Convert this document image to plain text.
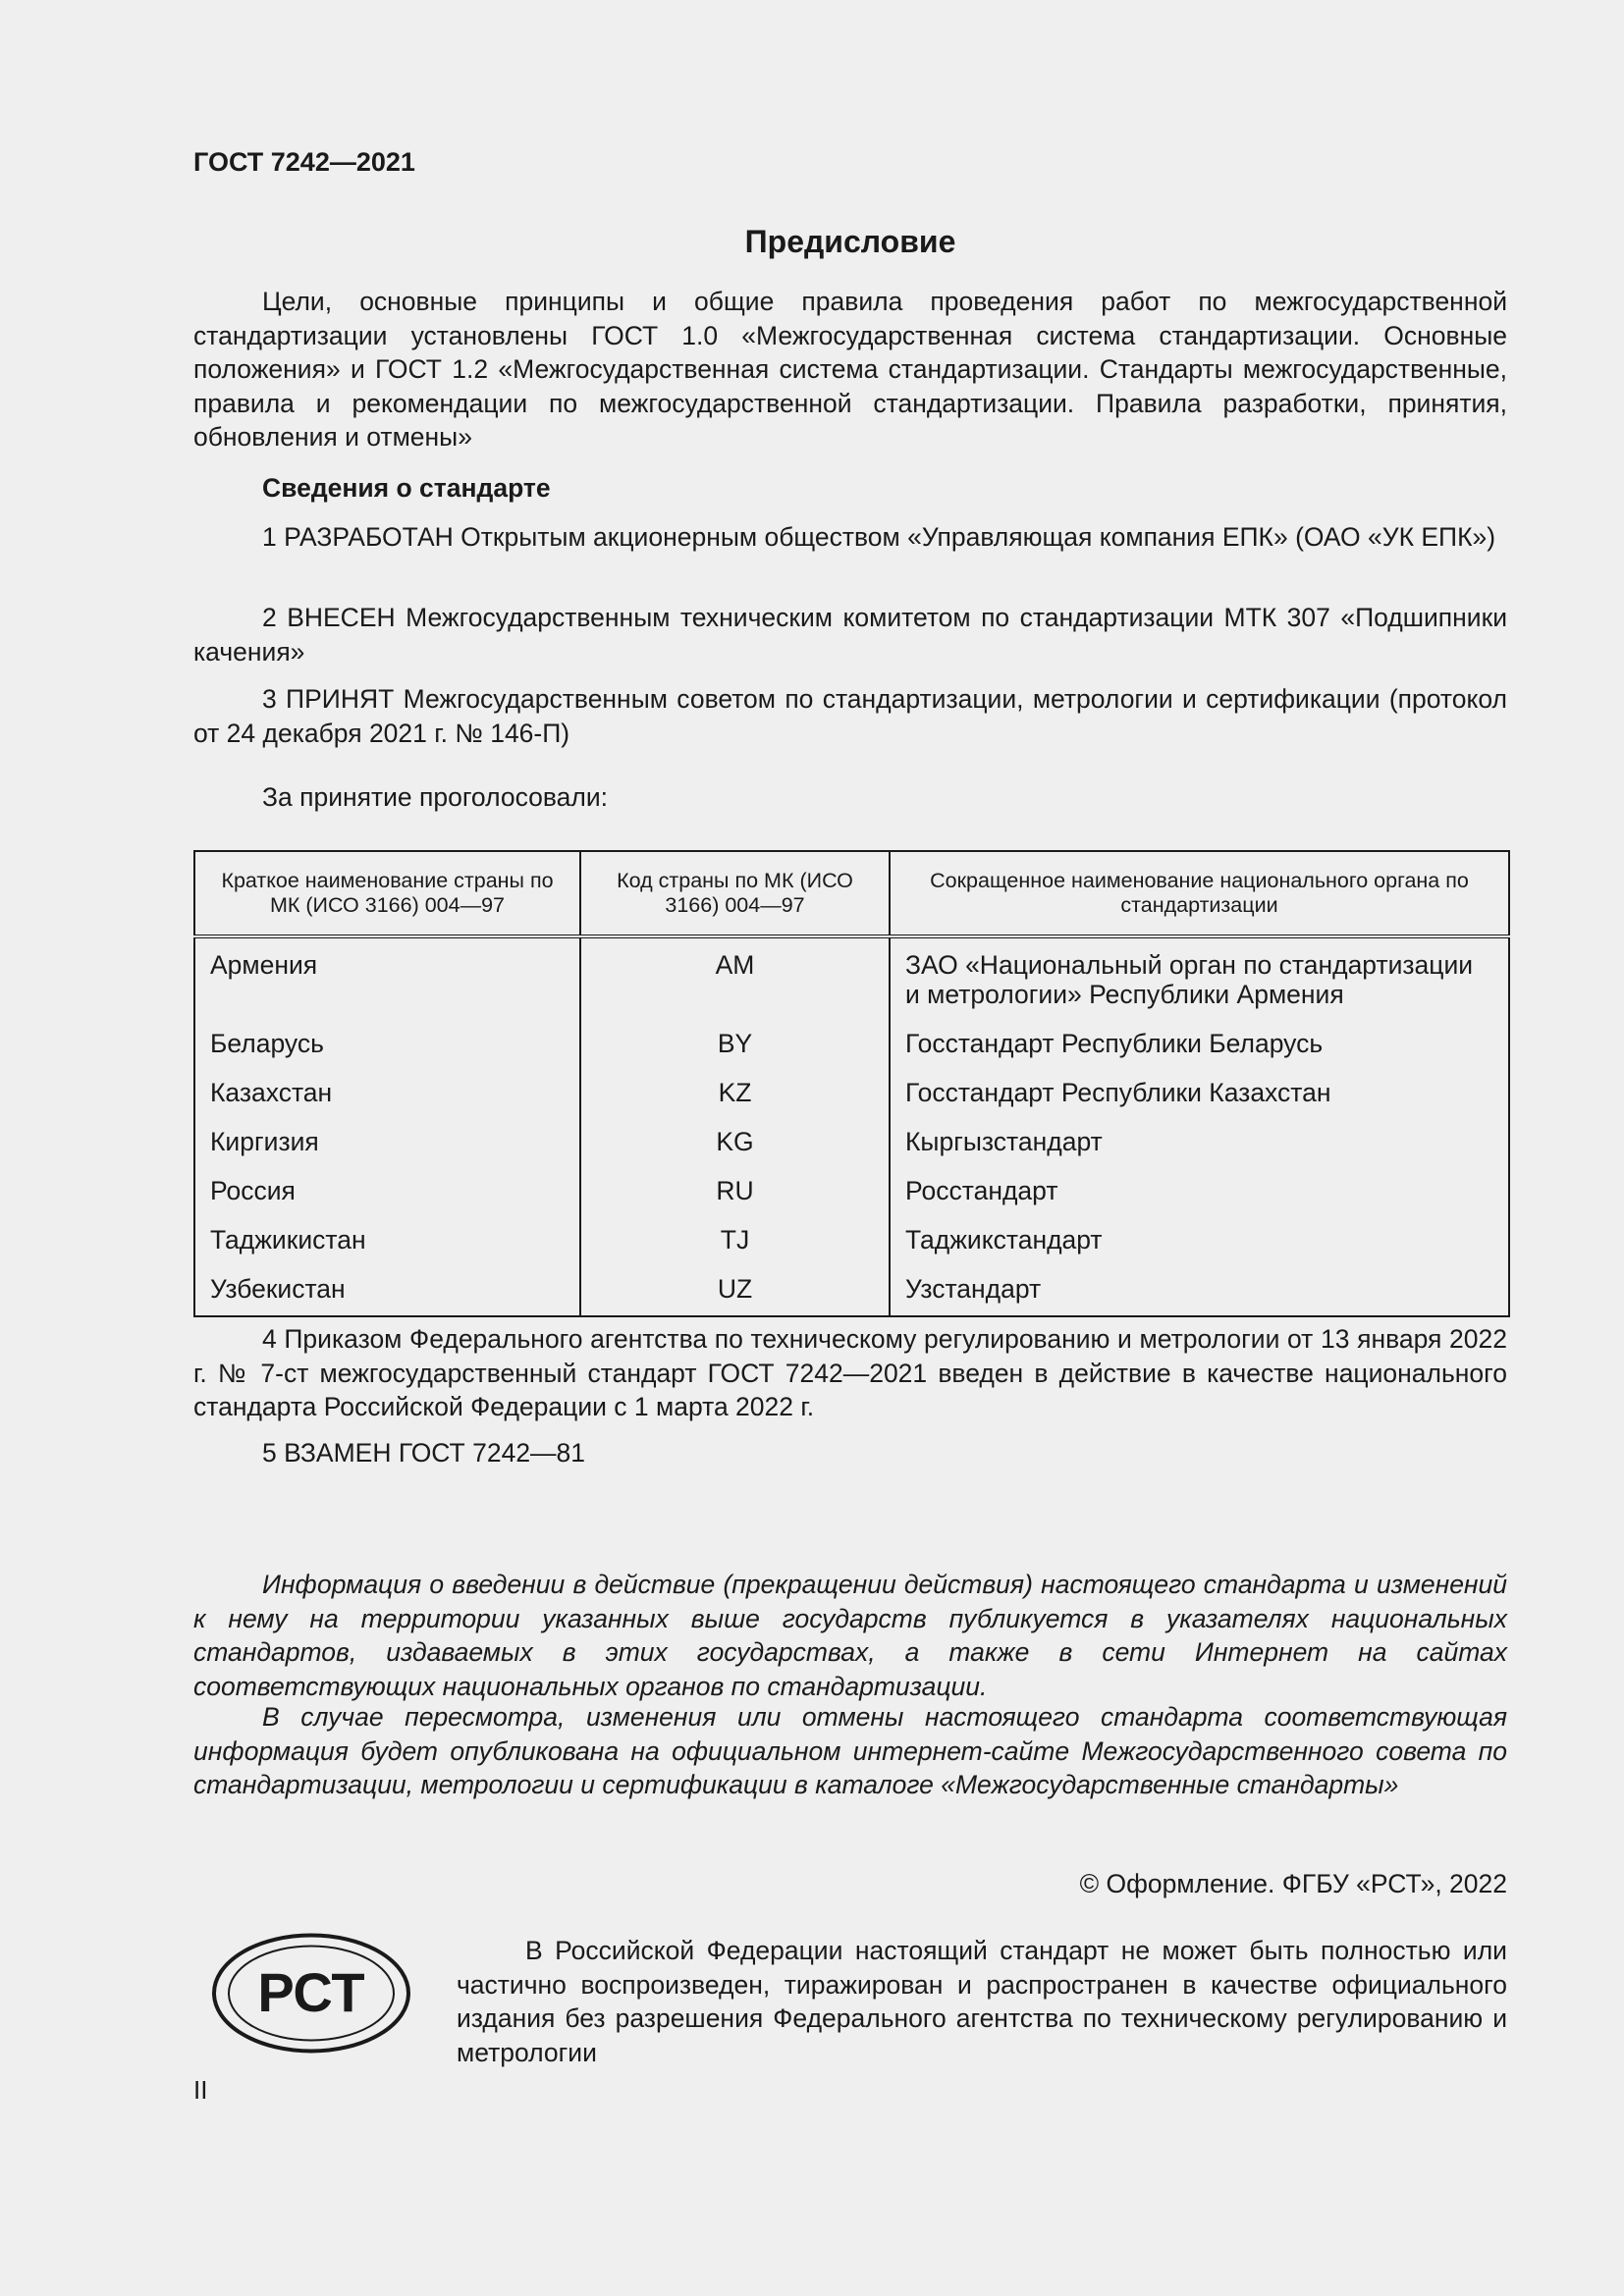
ГОСТ 7242—2021

Предисловие

Цели, основные принципы и общие правила проведения работ по межгосударственной стандартизации установлены ГОСТ 1.0 «Межгосударственная система стандартизации. Основные положения» и ГОСТ 1.2 «Межгосударственная система стандартизации. Стандарты межгосударственные, правила и рекомендации по межгосударственной стандартизации. Правила разработки, принятия, обновления и отмены»

Сведения о стандарте

1 РАЗРАБОТАН Открытым акционерным обществом «Управляющая компания ЕПК» (ОАО «УК ЕПК»)

2 ВНЕСЕН Межгосударственным техническим комитетом по стандартизации МТК 307 «Подшипники качения»

3 ПРИНЯТ Межгосударственным советом по стандартизации, метрологии и сертификации (протокол от 24 декабря 2021 г. № 146-П)

За принятие проголосовали:

Краткое наименование страны по МК (ИСО 3166) 004—97	Код страны по МК (ИСО 3166) 004—97	Сокращенное наименование национального органа по стандартизации
Армения	AM	ЗАО «Национальный орган по стандартизации и метрологии» Республики Армения
Беларусь	BY	Госстандарт Республики Беларусь
Казахстан	KZ	Госстандарт Республики Казахстан
Киргизия	KG	Кыргызстандарт
Россия	RU	Росстандарт
Таджикистан	TJ	Таджикстандарт
Узбекистан	UZ	Узстандарт

4 Приказом Федерального агентства по техническому регулированию и метрологии от 13 января 2022 г. № 7-ст межгосударственный стандарт ГОСТ 7242—2021 введен в действие в качестве национального стандарта Российской Федерации с 1 марта 2022 г.

5 ВЗАМЕН ГОСТ 7242—81

Информация о введении в действие (прекращении действия) настоящего стандарта и изменений к нему на территории указанных выше государств публикуется в указателях национальных стандартов, издаваемых в этих государствах, а также в сети Интернет на сайтах соответствующих национальных органов по стандартизации.

В случае пересмотра, изменения или отмены настоящего стандарта соответствующая информация будет опубликована на официальном интернет-сайте Межгосударственного совета по стандартизации, метрологии и сертификации в каталоге «Межгосударственные стандарты»

© Оформление. ФГБУ «РСТ», 2022

РСТ

В Российской Федерации настоящий стандарт не может быть полностью или частично воспроизведен, тиражирован и распространен в качестве официального издания без разрешения Федерального агентства по техническому регулированию и метрологии

II
